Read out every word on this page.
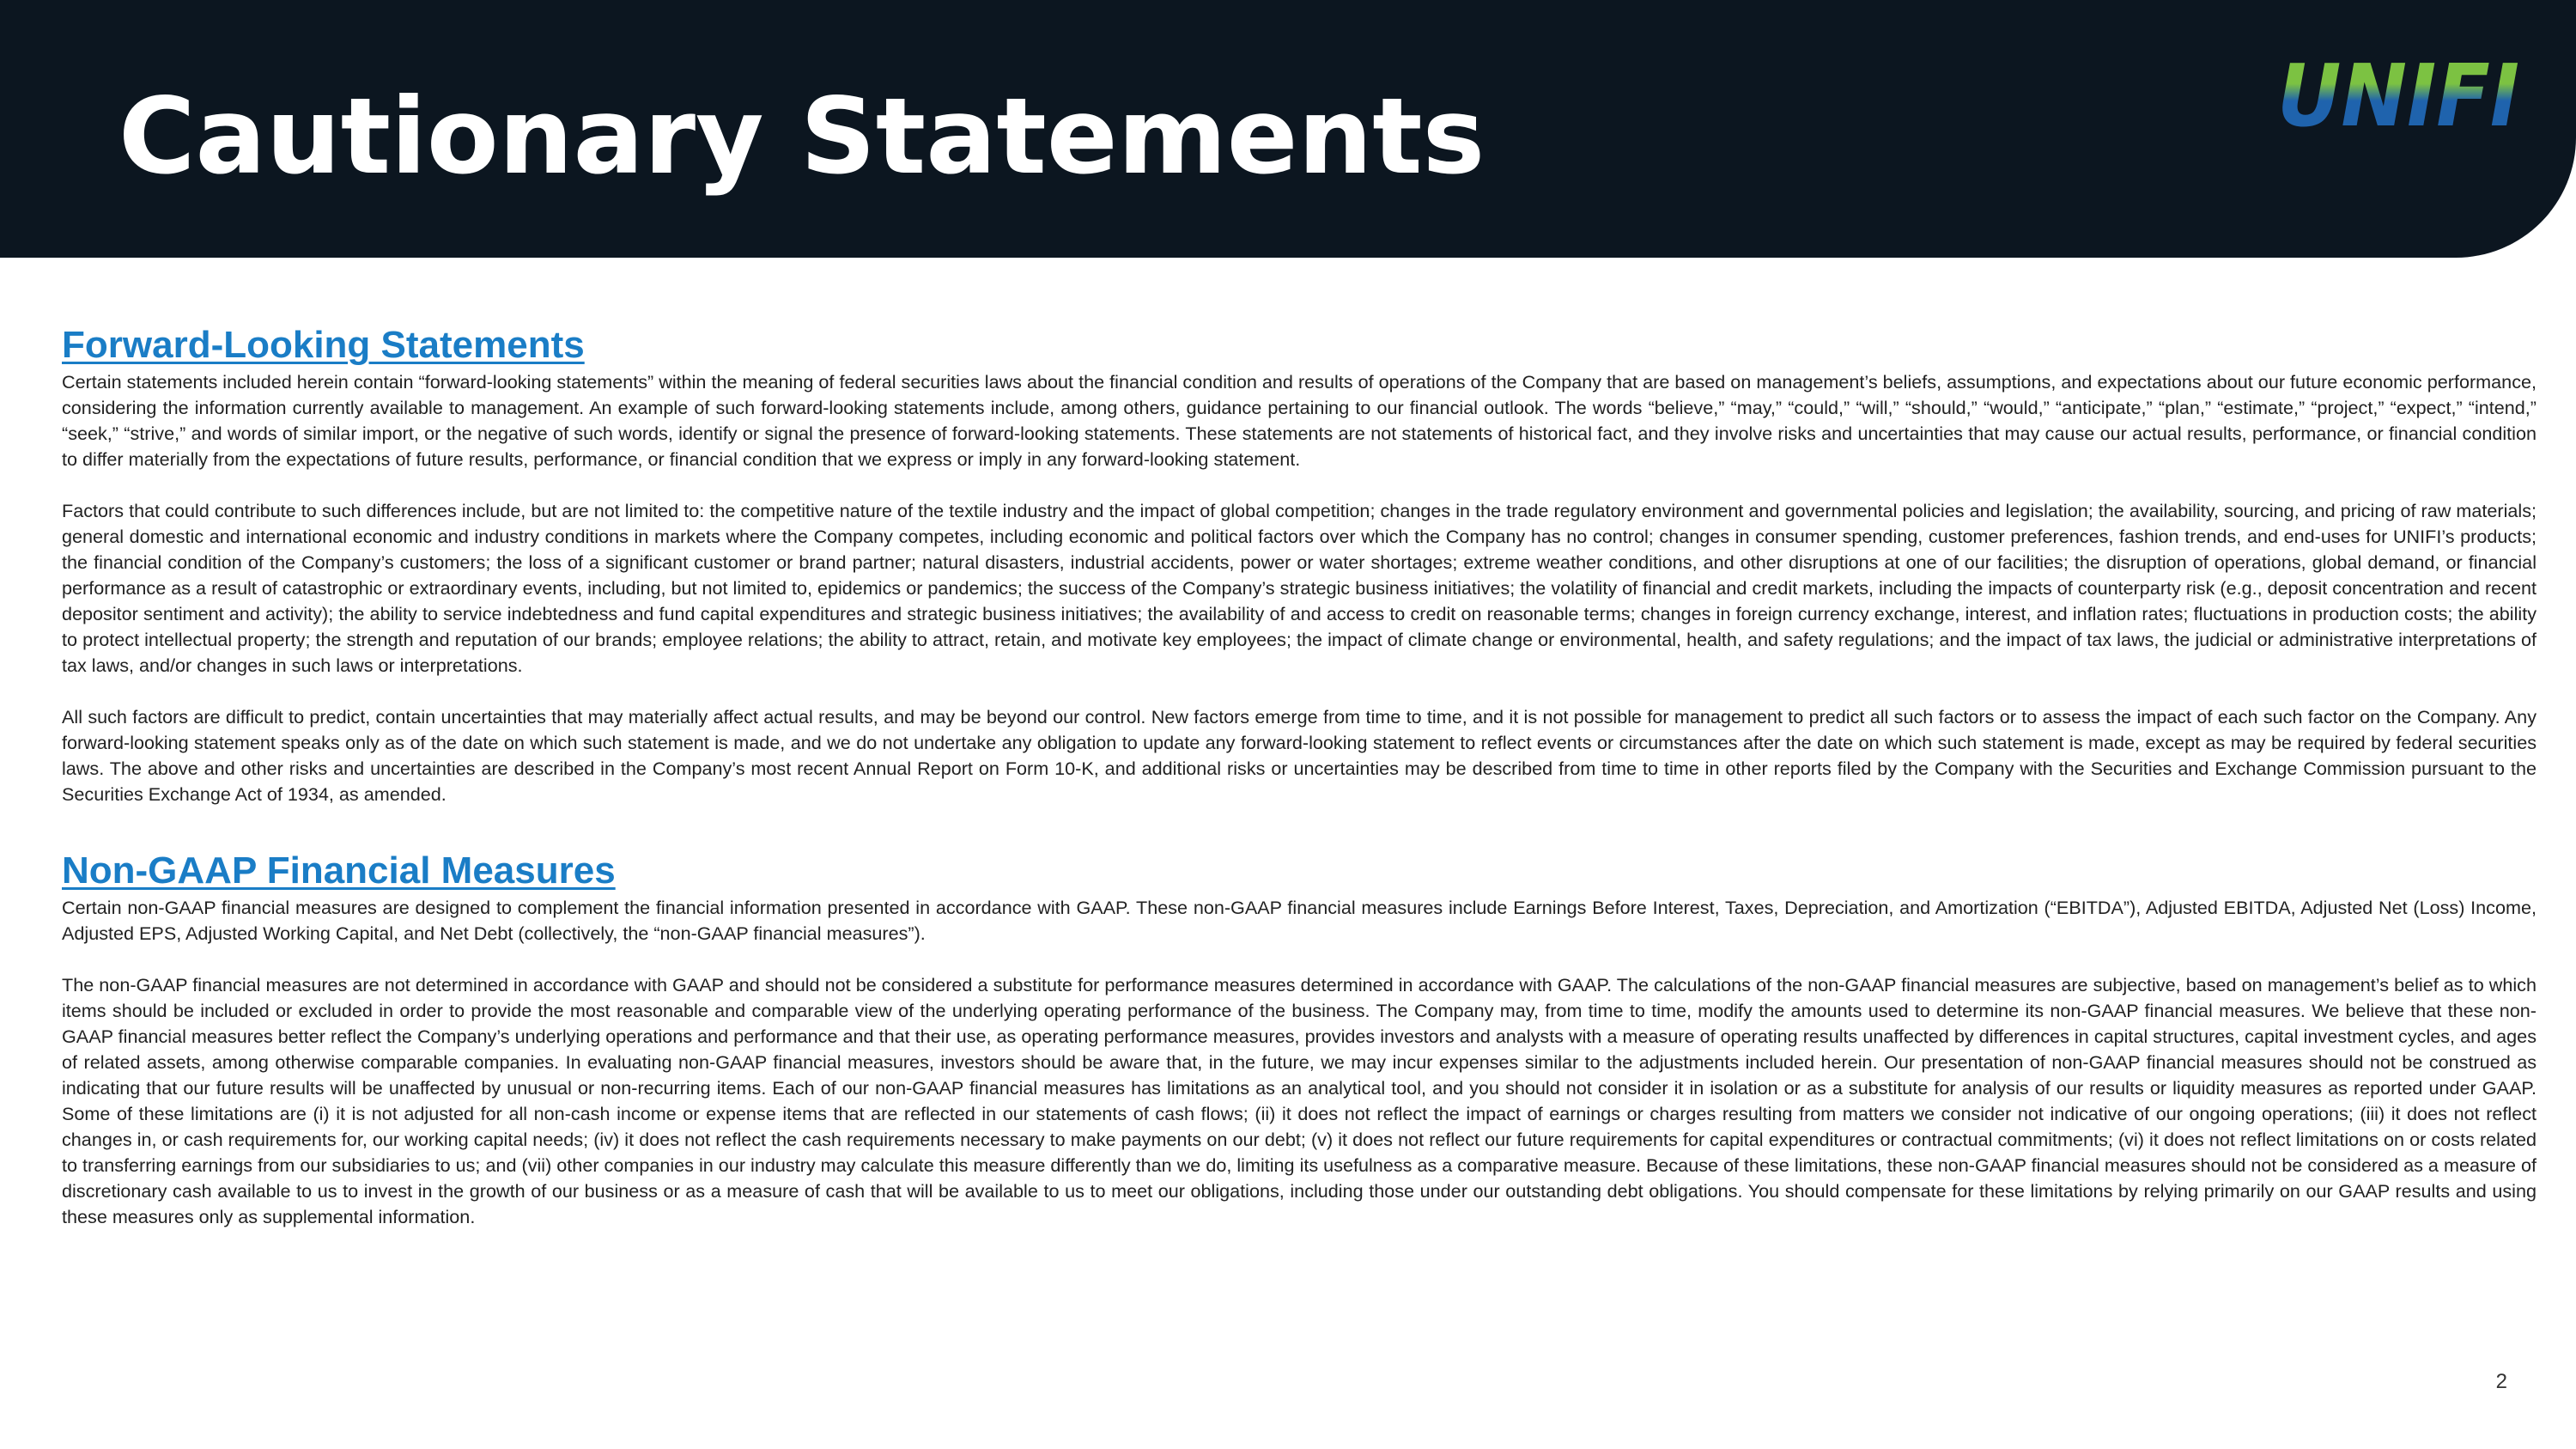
Cautionary Statements	UNIFI
Forward-Looking Statements

Certain statements included herein contain “forward-looking statements” within the meaning of federal securities laws about the financial condition and results of operations of the Company that are based on management’s beliefs, assumptions, and expectations about our future economic performance, considering the information currently available to management. An example of such forward-looking statements include, among others, guidance pertaining to our financial outlook. The words “believe,” “may,” “could,” “will,” “should,” “would,” “anticipate,” “plan,” “estimate,” “project,” “expect,” “intend,” “seek,” “strive,” and words of similar import, or the negative of such words, identify or signal the presence of forward-looking statements. These statements are not statements of historical fact, and they involve risks and uncertainties that may cause our actual results, performance, or financial condition to differ materially from the expectations of future results, performance, or financial condition that we express or imply in any forward-looking statement.

Factors that could contribute to such differences include, but are not limited to: the competitive nature of the textile industry and the impact of global competition; changes in the trade regulatory environment and governmental policies and legislation; the availability, sourcing, and pricing of raw materials; general domestic and international economic and industry conditions in markets where the Company competes, including economic and political factors over which the Company has no control; changes in consumer spending, customer preferences, fashion trends, and end-uses for UNIFI’s products; the financial condition of the Company’s customers; the loss of a significant customer or brand partner; natural disasters, industrial accidents, power or water shortages; extreme weather conditions, and other disruptions at one of our facilities; the disruption of operations, global demand, or financial performance as a result of catastrophic or extraordinary events, including, but not limited to, epidemics or pandemics; the success of the Company’s strategic business initiatives; the volatility of financial and credit markets, including the impacts of counterparty risk (e.g., deposit concentration and recent depositor sentiment and activity); the ability to service indebtedness and fund capital expenditures and strategic business initiatives; the availability of and access to credit on reasonable terms; changes in foreign currency exchange, interest, and inflation rates; fluctuations in production costs; the ability to protect intellectual property; the strength and reputation of our brands; employee relations; the ability to attract, retain, and motivate key employees; the impact of climate change or environmental, health, and safety regulations; and the impact of tax laws, the judicial or administrative interpretations of tax laws, and/or changes in such laws or interpretations.

All such factors are difficult to predict, contain uncertainties that may materially affect actual results, and may be beyond our control. New factors emerge from time to time, and it is not possible for management to predict all such factors or to assess the impact of each such factor on the Company. Any forward-looking statement speaks only as of the date on which such statement is made, and we do not undertake any obligation to update any forward-looking statement to reflect events or circumstances after the date on which such statement is made, except as may be required by federal securities laws. The above and other risks and uncertainties are described in the Company’s most recent Annual Report on Form 10-K, and additional risks or uncertainties may be described from time to time in other reports filed by the Company with the Securities and Exchange Commission pursuant to the Securities Exchange Act of 1934, as amended.

Non-GAAP Financial Measures

Certain non-GAAP financial measures are designed to complement the financial information presented in accordance with GAAP. These non-GAAP financial measures include Earnings Before Interest, Taxes, Depreciation, and Amortization (“EBITDA”), Adjusted EBITDA, Adjusted Net (Loss) Income, Adjusted EPS, Adjusted Working Capital, and Net Debt (collectively, the “non-GAAP financial measures”).

The non-GAAP financial measures are not determined in accordance with GAAP and should not be considered a substitute for performance measures determined in accordance with GAAP. The calculations of the non-GAAP financial measures are subjective, based on management’s belief as to which items should be included or excluded in order to provide the most reasonable and comparable view of the underlying operating performance of the business. The Company may, from time to time, modify the amounts used to determine its non-GAAP financial measures. We believe that these non-GAAP financial measures better reflect the Company’s underlying operations and performance and that their use, as operating performance measures, provides investors and analysts with a measure of operating results unaffected by differences in capital structures, capital investment cycles, and ages of related assets, among otherwise comparable companies. In evaluating non-GAAP financial measures, investors should be aware that, in the future, we may incur expenses similar to the adjustments included herein. Our presentation of non-GAAP financial measures should not be construed as indicating that our future results will be unaffected by unusual or non-recurring items. Each of our non-GAAP financial measures has limitations as an analytical tool, and you should not consider it in isolation or as a substitute for analysis of our results or liquidity measures as reported under GAAP. Some of these limitations are (i) it is not adjusted for all non-cash income or expense items that are reflected in our statements of cash flows; (ii) it does not reflect the impact of earnings or charges resulting from matters we consider not indicative of our ongoing operations; (iii) it does not reflect changes in, or cash requirements for, our working capital needs; (iv) it does not reflect the cash requirements necessary to make payments on our debt; (v) it does not reflect our future requirements for capital expenditures or contractual commitments; (vi) it does not reflect limitations on or costs related to transferring earnings from our subsidiaries to us; and (vii) other companies in our industry may calculate this measure differently than we do, limiting its usefulness as a comparative measure. Because of these limitations, these non-GAAP financial measures should not be considered as a measure of discretionary cash available to us to invest in the growth of our business or as a measure of cash that will be available to us to meet our obligations, including those under our outstanding debt obligations. You should compensate for these limitations by relying primarily on our GAAP results and using these measures only as supplemental information.

2
